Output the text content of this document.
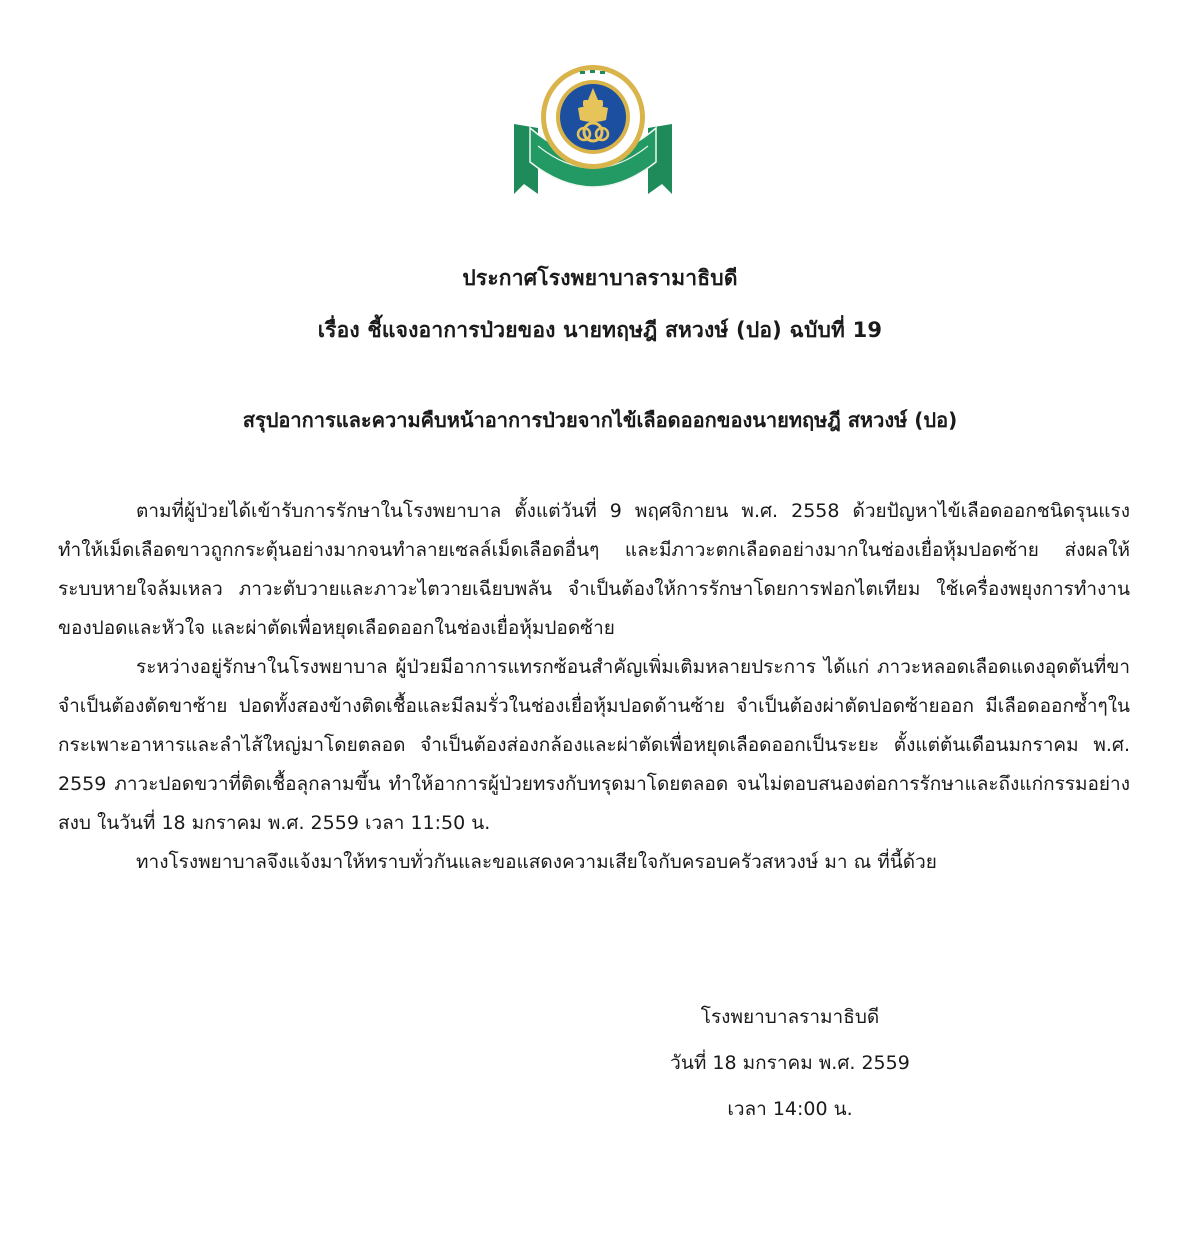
ประกาศโรงพยาบาลรามาธิบดี
เรื่อง ชี้แจงอาการป่วยของ นายทฤษฎี สหวงษ์ (ปอ) ฉบับที่ 19
สรุปอาการและความคืบหน้าอาการป่วยจากไข้เลือดออกของนายทฤษฎี สหวงษ์ (ปอ)

ตามที่ผู้ป่วยได้เข้ารับการรักษาในโรงพยาบาล ตั้งแต่วันที่ 9 พฤศจิกายน พ.ศ. 2558 ด้วยปัญหาไข้เลือดออกชนิดรุนแรง ทำให้เม็ดเลือดขาวถูกกระตุ้นอย่างมากจนทำลายเซลล์เม็ดเลือดอื่นๆ และมีภาวะตกเลือดอย่างมากในช่องเยื่อหุ้มปอดซ้าย ส่งผลให้ระบบหายใจล้มเหลว ภาวะตับวายและภาวะไตวายเฉียบพลัน จำเป็นต้องให้การรักษาโดยการฟอกไตเทียม ใช้เครื่องพยุงการทำงานของปอดและหัวใจ และผ่าตัดเพื่อหยุดเลือดออกในช่องเยื่อหุ้มปอดซ้าย

ระหว่างอยู่รักษาในโรงพยาบาล ผู้ป่วยมีอาการแทรกซ้อนสำคัญเพิ่มเติมหลายประการ ได้แก่ ภาวะหลอดเลือดแดงอุดตันที่ขา จำเป็นต้องตัดขาซ้าย ปอดทั้งสองข้างติดเชื้อและมีลมรั่วในช่องเยื่อหุ้มปอดด้านซ้าย จำเป็นต้องผ่าตัดปอดซ้ายออก มีเลือดออกซ้ำๆในกระเพาะอาหารและลำไส้ใหญ่มาโดยตลอด จำเป็นต้องส่องกล้องและผ่าตัดเพื่อหยุดเลือดออกเป็นระยะ ตั้งแต่ต้นเดือนมกราคม พ.ศ. 2559 ภาวะปอดขวาที่ติดเชื้อลุกลามขึ้น ทำให้อาการผู้ป่วยทรงกับทรุดมาโดยตลอด จนไม่ตอบสนองต่อการรักษาและถึงแก่กรรมอย่างสงบ ในวันที่ 18 มกราคม พ.ศ. 2559 เวลา 11:50 น.

ทางโรงพยาบาลจึงแจ้งมาให้ทราบทั่วกันและขอแสดงความเสียใจกับครอบครัวสหวงษ์ มา ณ ที่นี้ด้วย

โรงพยาบาลรามาธิบดี
วันที่ 18 มกราคม พ.ศ. 2559
เวลา 14:00 น.
